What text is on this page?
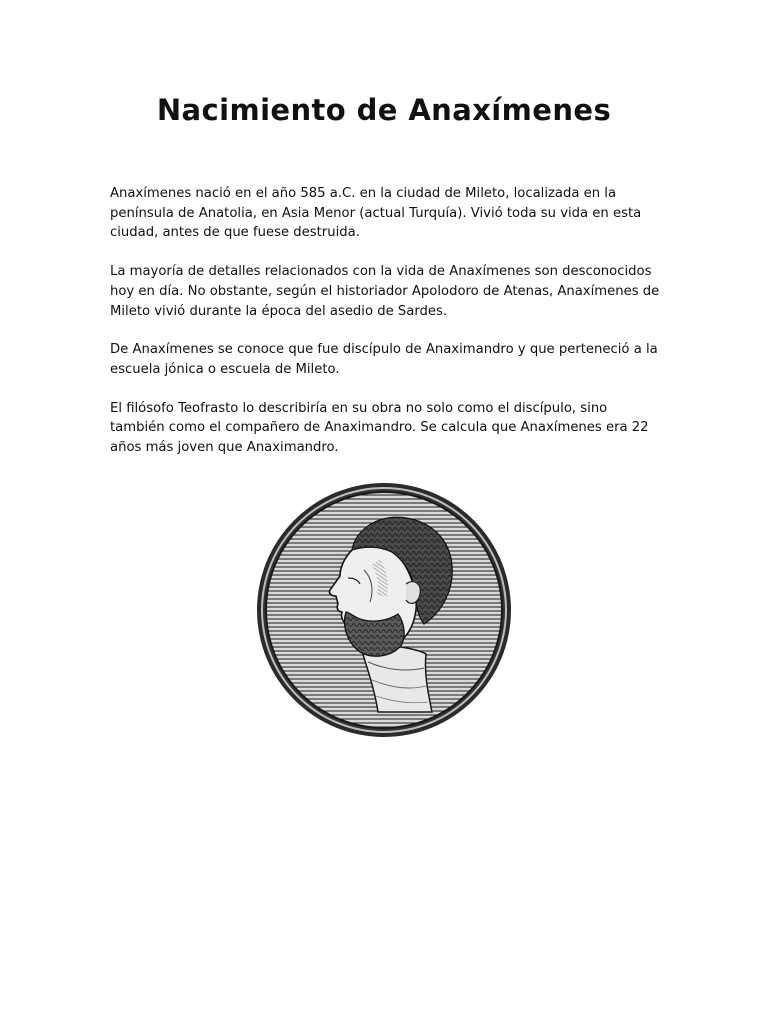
Nacimiento de Anaxímenes

Anaxímenes nació en el año 585 a.C. en la ciudad de Mileto, localizada en la península de Anatolia, en Asia Menor (actual Turquía). Vivió toda su vida en esta ciudad, antes de que fuese destruida.

La mayoría de detalles relacionados con la vida de Anaxímenes son desconocidos hoy en día. No obstante, según el historiador Apolodoro de Atenas, Anaxímenes de Mileto vivió durante la época del asedio de Sardes.

De Anaxímenes se conoce que fue discípulo de Anaximandro y que perteneció a la escuela jónica o escuela de Mileto.

El filósofo Teofrasto lo describiría en su obra no solo como el discípulo, sino también como el compañero de Anaximandro. Se calcula que Anaxímenes era 22 años más joven que Anaximandro.
